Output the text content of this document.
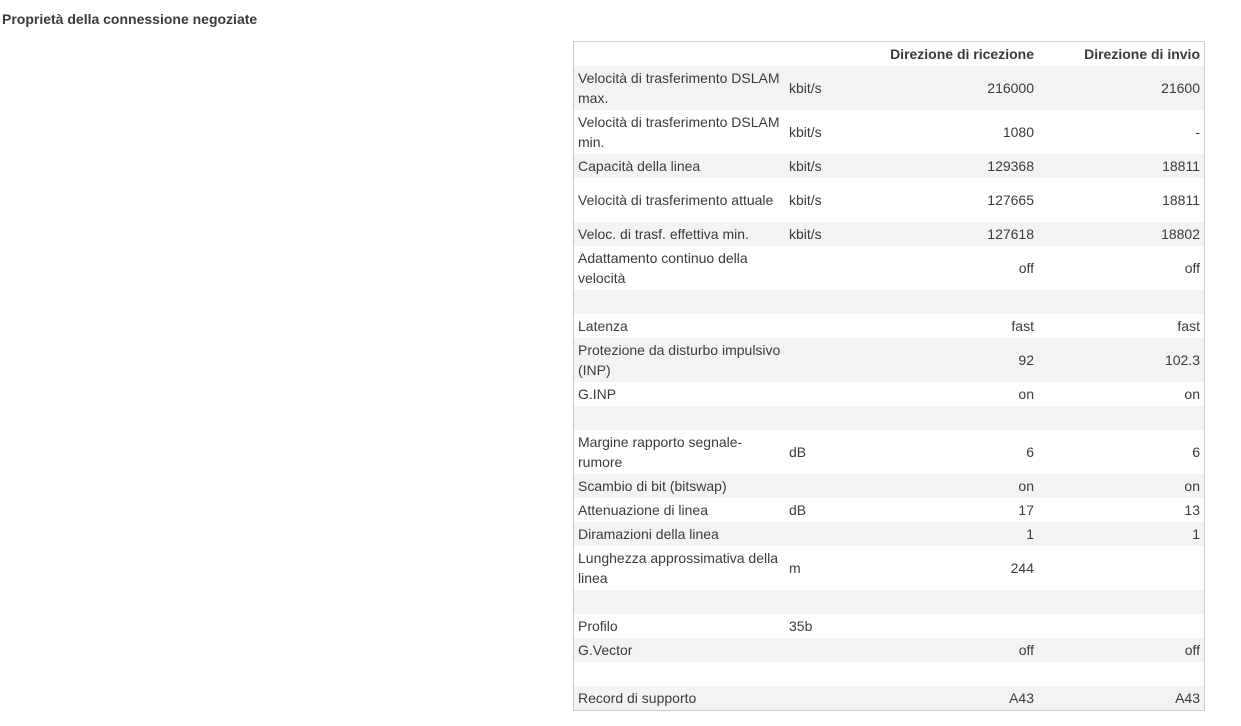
Proprietà della connessione negoziate
		Direzione di ricezione	Direzione di invio
Velocità di trasferimento DSLAM max.	kbit/s	216000	21600
Velocità di trasferimento DSLAM min.	kbit/s	1080	-
Capacità della linea	kbit/s	129368	18811
Velocità di trasferimento attuale	kbit/s	127665	18811
Veloc. di trasf. effettiva min.	kbit/s	127618	18802
Adattamento continuo della velocità		off	off

Latenza		fast	fast
Protezione da disturbo impulsivo (INP)		92	102.3
G.INP		on	on

Margine rapporto segnale-rumore	dB	6	6
Scambio di bit (bitswap)		on	on
Attenuazione di linea	dB	17	13
Diramazioni della linea		1	1
Lunghezza approssimativa della linea	m	244	

Profilo	35b		
G.Vector		off	off

Record di supporto		A43	A43
